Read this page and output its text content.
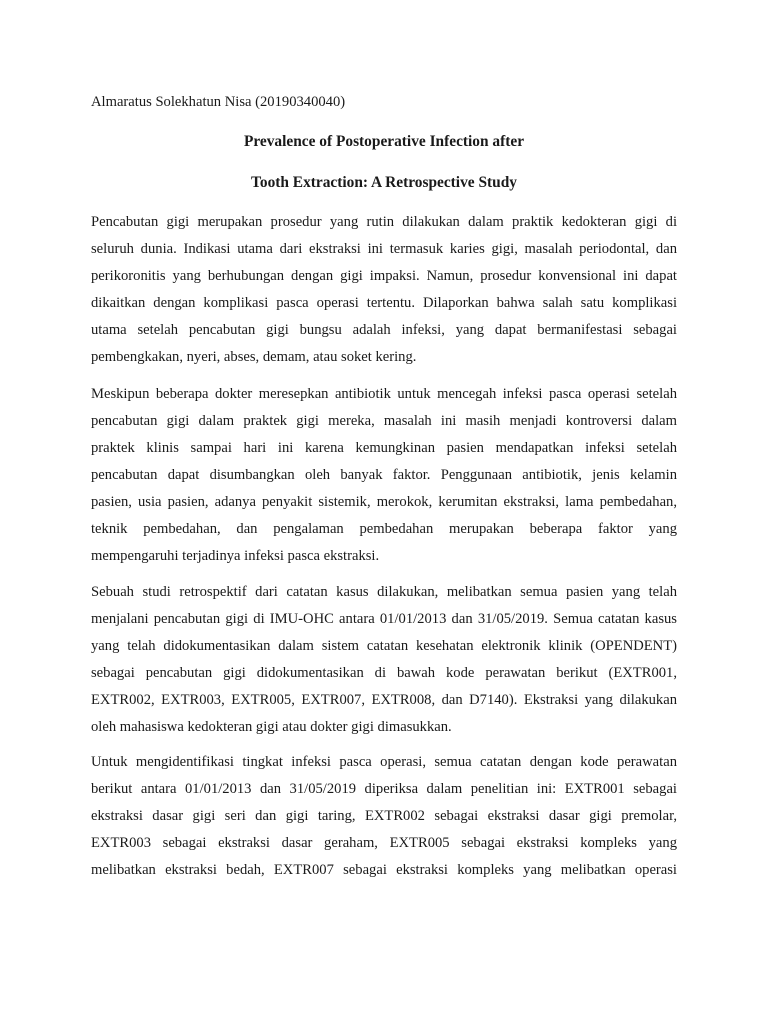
Almaratus Solekhatun Nisa (20190340040)
Prevalence of Postoperative Infection after
Tooth Extraction: A Retrospective Study
Pencabutan gigi merupakan prosedur yang rutin dilakukan dalam praktik kedokteran gigi di
seluruh dunia. Indikasi utama dari ekstraksi ini termasuk karies gigi, masalah periodontal, dan
perikoronitis yang berhubungan dengan gigi impaksi. Namun, prosedur konvensional ini dapat
dikaitkan dengan komplikasi pasca operasi tertentu. Dilaporkan bahwa salah satu komplikasi
utama setelah pencabutan gigi bungsu adalah infeksi, yang dapat bermanifestasi sebagai
pembengkakan, nyeri, abses, demam, atau soket kering.
Meskipun beberapa dokter meresepkan antibiotik untuk mencegah infeksi pasca operasi setelah
pencabutan gigi dalam praktek gigi mereka, masalah ini masih menjadi kontroversi dalam
praktek klinis sampai hari ini karena kemungkinan pasien mendapatkan infeksi setelah
pencabutan dapat disumbangkan oleh banyak faktor. Penggunaan antibiotik, jenis kelamin
pasien, usia pasien, adanya penyakit sistemik, merokok, kerumitan ekstraksi, lama pembedahan,
teknik pembedahan, dan pengalaman pembedahan merupakan beberapa faktor yang
mempengaruhi terjadinya infeksi pasca ekstraksi.
Sebuah studi retrospektif dari catatan kasus dilakukan, melibatkan semua pasien yang telah
menjalani pencabutan gigi di IMU-OHC antara 01/01/2013 dan 31/05/2019. Semua catatan kasus
yang telah didokumentasikan dalam sistem catatan kesehatan elektronik klinik (OPENDENT)
sebagai pencabutan gigi didokumentasikan di bawah kode perawatan berikut (EXTR001,
EXTR002, EXTR003, EXTR005, EXTR007, EXTR008, dan D7140). Ekstraksi yang dilakukan
oleh mahasiswa kedokteran gigi atau dokter gigi dimasukkan.
Untuk mengidentifikasi tingkat infeksi pasca operasi, semua catatan dengan kode perawatan
berikut antara 01/01/2013 dan 31/05/2019 diperiksa dalam penelitian ini: EXTR001 sebagai
ekstraksi dasar gigi seri dan gigi taring, EXTR002 sebagai ekstraksi dasar gigi premolar,
EXTR003 sebagai ekstraksi dasar geraham, EXTR005 sebagai ekstraksi kompleks yang
melibatkan ekstraksi bedah, EXTR007 sebagai ekstraksi kompleks yang melibatkan operasi
